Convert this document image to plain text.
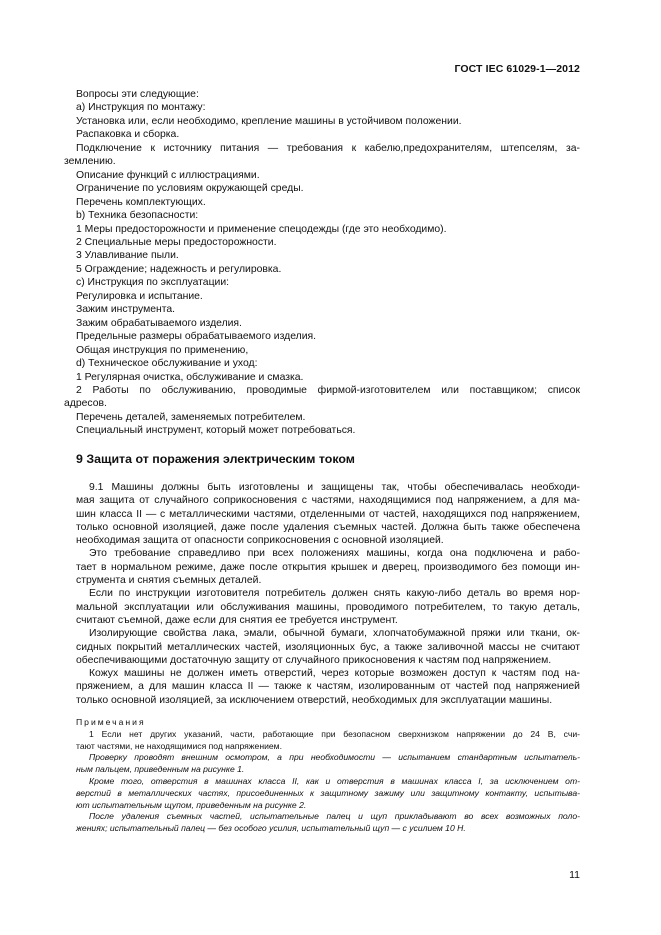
ГОСТ IEC 61029-1—2012
Вопросы эти следующие:
а) Инструкция по монтажу:
Установка или, если необходимо, крепление машины в устойчивом положении.
Распаковка и сборка.
Подключение к источнику питания — требования к кабелю,предохранителям, штепселям, за-
землению.
Описание функций с иллюстрациями.
Ограничение по условиям окружающей среды.
Перечень комплектующих.
b) Техника безопасности:
1 Меры предосторожности и применение спецодежды (где это необходимо).
2 Специальные меры предосторожности.
3 Улавливание пыли.
5 Ограждение; надежность и регулировка.
с) Инструкция по эксплуатации:
Регулировка и испытание.
Зажим инструмента.
Зажим обрабатываемого изделия.
Предельные размеры обрабатываемого изделия.
Общая инструкция по применению,
d) Техническое обслуживание и уход:
1 Регулярная очистка, обслуживание и смазка.
2 Работы по обслуживанию, проводимые фирмой-изготовителем или поставщиком; список
адресов.
Перечень деталей, заменяемых потребителем.
Специальный инструмент, который может потребоваться.
9 Защита от поражения электрическим током
9.1 Машины должны быть изготовлены и защищены так, чтобы обеспечивалась необходи-
мая защита от случайного соприкосновения с частями, находящимися под напряжением, а для ма-
шин класса II — с металлическими частями, отделенными от частей, находящихся под напряжением,
только основной изоляцией, даже после удаления съемных частей. Должна быть также обеспечена
необходимая защита от опасности соприкосновения с основной изоляцией.
Это требование справедливо при всех положениях машины, когда она подключена и рабо-
тает в нормальном режиме, даже после открытия крышек и дверец, производимого без помощи ин-
струмента и снятия съемных деталей.
Если по инструкции изготовителя потребитель должен снять какую-либо деталь во время нор-
мальной эксплуатации или обслуживания машины, проводимого потребителем, то такую деталь,
считают съемной, даже если для снятия ее требуется инструмент.
Изолирующие свойства лака, эмали, обычной бумаги, хлопчатобумажной пряжи или ткани, ок-
сидных покрытий металлических частей, изоляционных бус, а также заливочной массы не считают
обеспечивающими достаточную защиту от случайного прикосновения к частям под напряжением.
Кожух машины не должен иметь отверстий, через которые возможен доступ к частям под на-
пряжением, а для машин класса II — также к частям, изолированным от частей под напряженией
только основной изоляцией, за исключением отверстий, необходимых для эксплуатации машины.
Примечания
1 Если нет других указаний, части, работающие при безопасном сверхнизком напряжении до 24 В, счи-
тают частями, не находящимися под напряжением.
Проверку проводят внешним осмотром, а при необходимости — испытанием стандартным испытатель-
ным пальцем, приведенным на рисунке 1.
Кроме того, отверстия в машинах класса II, как и отверстия в машинах класса I, за исключением от-
верстий в металлических частях, присоединенных к защитному зажиму или защитному контакту, испытыва-
ют испытательным щупом, приведенным на рисунке 2.
После удаления съемных частей, испытательные палец и щуп прикладывают во всех возможных поло-
жениях; испытательный палец — без особого усилия, испытательный щуп — с усилием 10 Н.
11
